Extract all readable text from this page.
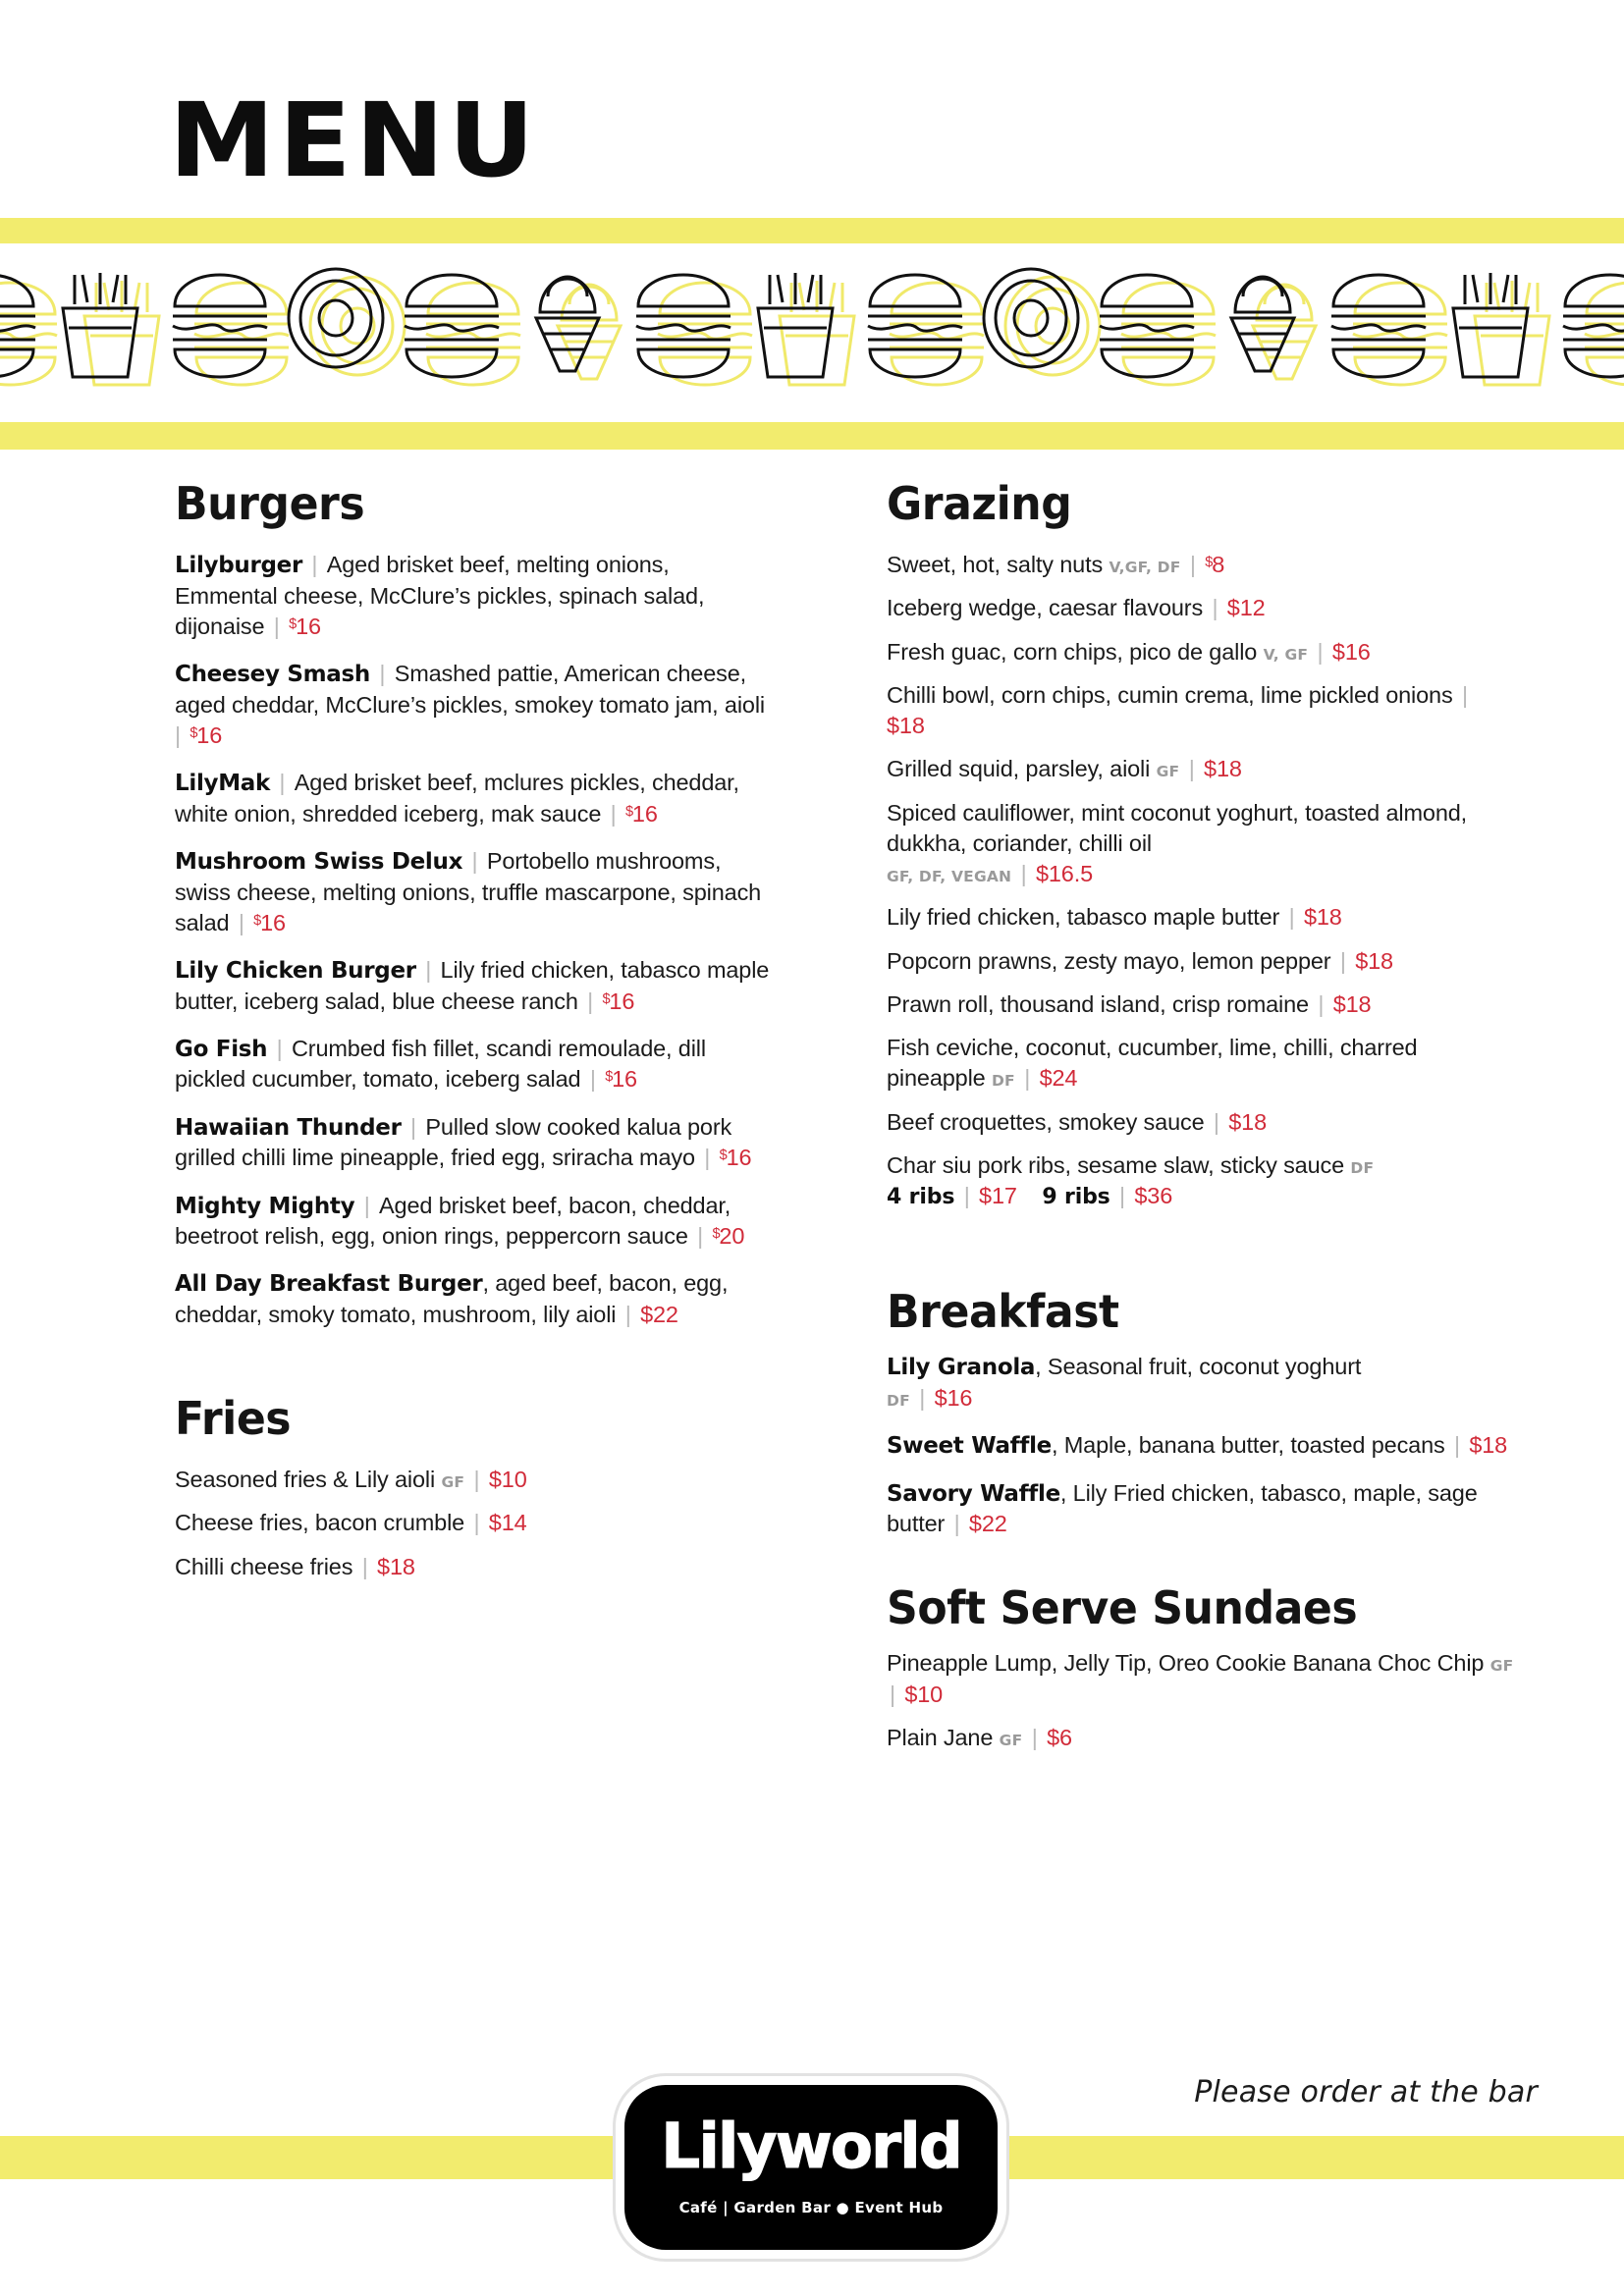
MENU
Burgers
Lilyburger | Aged brisket beef, melting onions, Emmental cheese, McClure’s pickles, spinach salad, dijonaise | $16
Cheesey Smash | Smashed pattie, American cheese, aged cheddar, McClure’s pickles, smokey tomato jam, aioli | $16
LilyMak | Aged brisket beef, mclures pickles, cheddar, white onion, shredded iceberg, mak sauce | $16
Mushroom Swiss Delux | Portobello mushrooms, swiss cheese, melting onions, truffle mascarpone, spinach salad | $16
Lily Chicken Burger | Lily fried chicken, tabasco maple butter, iceberg salad, blue cheese ranch | $16
Go Fish | Crumbed fish fillet, scandi remoulade, dill pickled cucumber, tomato, iceberg salad | $16
Hawaiian Thunder | Pulled slow cooked kalua pork grilled chilli lime pineapple, fried egg, sriracha mayo | $16
Mighty Mighty | Aged brisket beef, bacon, cheddar, beetroot relish, egg, onion rings, peppercorn sauce | $20
All Day Breakfast Burger, aged beef, bacon, egg, cheddar, smoky tomato, mushroom, lily aioli | $22
Fries
Seasoned fries & Lily aioli GF | $10
Cheese fries, bacon crumble | $14
Chilli cheese fries | $18
Grazing
Sweet, hot, salty nuts V,GF, DF | $8
Iceberg wedge, caesar flavours | $12
Fresh guac, corn chips, pico de gallo V, GF | $16
Chilli bowl, corn chips, cumin crema, lime pickled onions | $18
Grilled squid, parsley, aioli GF | $18
Spiced cauliflower, mint coconut yoghurt, toasted almond, dukkha, coriander, chilli oil
GF, DF, VEGAN | $16.5
Lily fried chicken, tabasco maple butter | $18
Popcorn prawns, zesty mayo, lemon pepper | $18
Prawn roll, thousand island, crisp romaine | $18
Fish ceviche, coconut, cucumber, lime, chilli, charred pineapple DF | $24
Beef croquettes, smokey sauce | $18
Char siu pork ribs, sesame slaw, sticky sauce DF
4 ribs | $17 9 ribs | $36
Breakfast
Lily Granola, Seasonal fruit, coconut yoghurt
DF | $16
Sweet Waffle, Maple, banana butter, toasted pecans | $18
Savory Waffle, Lily Fried chicken, tabasco, maple, sage butter | $22
Soft Serve Sundaes
Pineapple Lump, Jelly Tip, Oreo Cookie Banana Choc Chip GF | $10
Plain Jane GF | $6
Please order at the bar
Lilyworld
Café | Garden Bar ● Event Hub
